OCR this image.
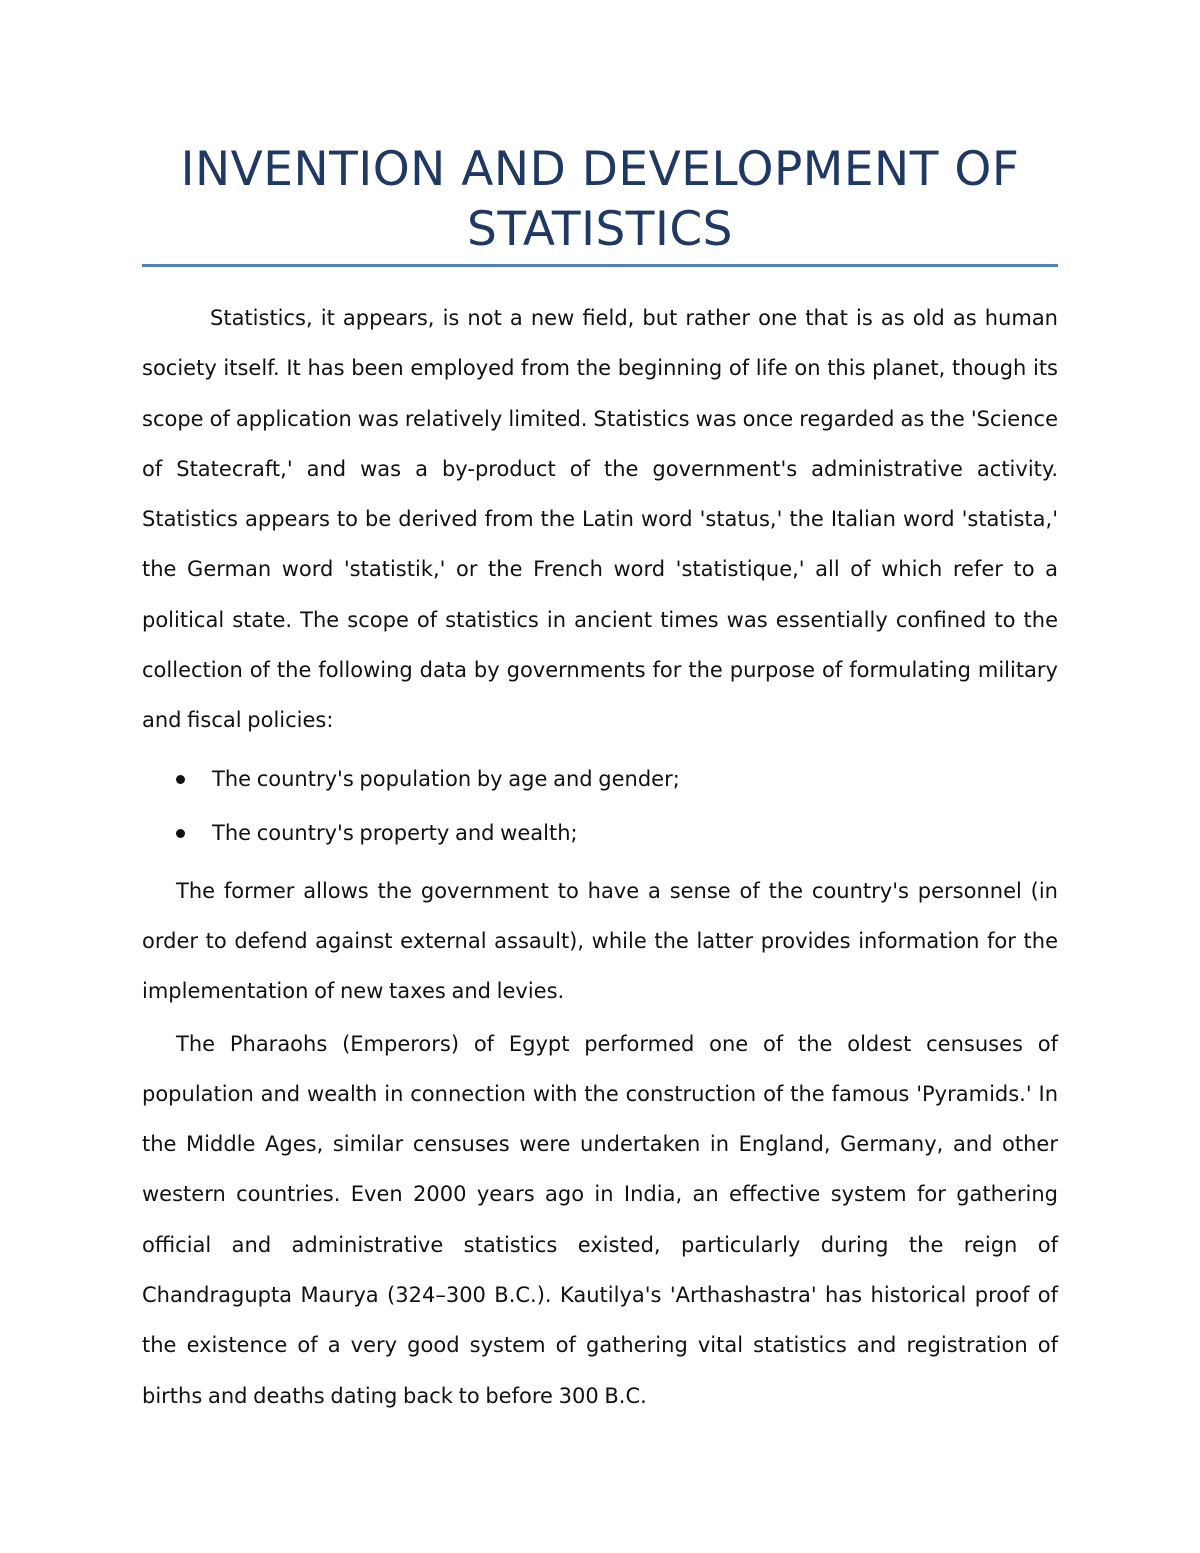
INVENTION AND DEVELOPMENT OF STATISTICS

Statistics, it appears, is not a new field, but rather one that is as old as human society itself. It has been employed from the beginning of life on this planet, though its scope of application was relatively limited. Statistics was once regarded as the 'Science of Statecraft,' and was a by-product of the government's administrative activity. Statistics appears to be derived from the Latin word 'status,' the Italian word 'statista,' the German word 'statistik,' or the French word 'statistique,' all of which refer to a political state. The scope of statistics in ancient times was essentially confined to the collection of the following data by governments for the purpose of formulating military and fiscal policies:

The country's population by age and gender;
The country's property and wealth;

The former allows the government to have a sense of the country's personnel (in order to defend against external assault), while the latter provides information for the implementation of new taxes and levies.

The Pharaohs (Emperors) of Egypt performed one of the oldest censuses of population and wealth in connection with the construction of the famous 'Pyramids.' In the Middle Ages, similar censuses were undertaken in England, Germany, and other western countries. Even 2000 years ago in India, an effective system for gathering official and administrative statistics existed, particularly during the reign of Chandragupta Maurya (324–300 B.C.). Kautilya's 'Arthashastra' has historical proof of the existence of a very good system of gathering vital statistics and registration of births and deaths dating back to before 300 B.C.
